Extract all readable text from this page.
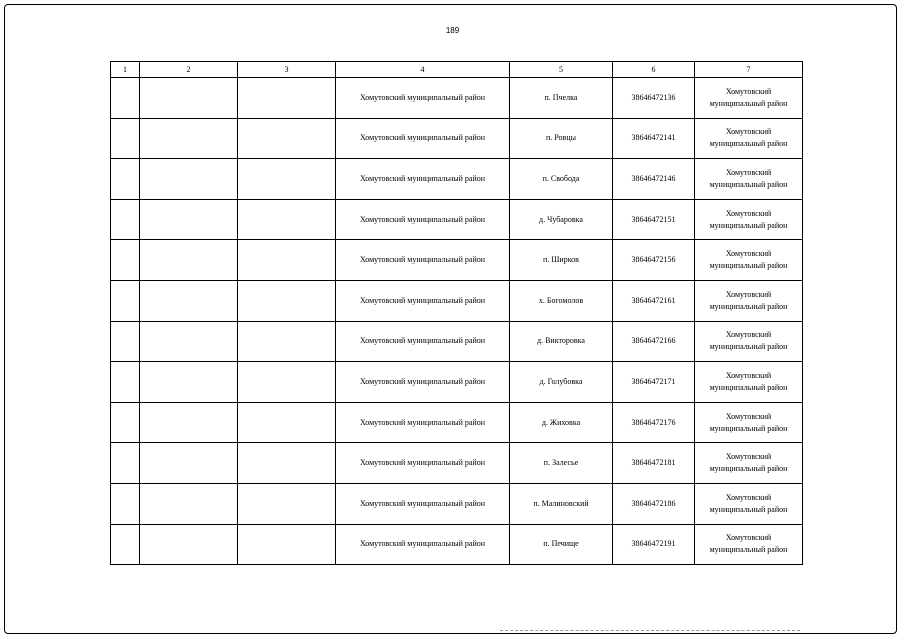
189
1	2	3	4	5	6	7
			Хомутовский муниципальный район	п. Пчелка	38646472136	Хомутовский
муниципальный район

			Хомутовский муниципальный район	п. Ровцы	38646472141	Хомутовский
муниципальный район

			Хомутовский муниципальный район	п. Свобода	38646472146	Хомутовский
муниципальный район

			Хомутовский муниципальный район	д. Чубаровка	38646472151	Хомутовский
муниципальный район

			Хомутовский муниципальный район	п. Ширков	38646472156	Хомутовский
муниципальный район

			Хомутовский муниципальный район	х. Богомолов	38646472161	Хомутовский
муниципальный район

			Хомутовский муниципальный район	д. Викторовка	38646472166	Хомутовский
муниципальный район

			Хомутовский муниципальный район	д. Голубовка	38646472171	Хомутовский
муниципальный район

			Хомутовский муниципальный район	д. Жиховка	38646472176	Хомутовский
муниципальный район

			Хомутовский муниципальный район	п. Залесье	38646472181	Хомутовский
муниципальный район

			Хомутовский муниципальный район	п. Малиновский	38646472186	Хомутовский
муниципальный район

			Хомутовский муниципальный район	п. Печище	38646472191	Хомутовский
муниципальный район
